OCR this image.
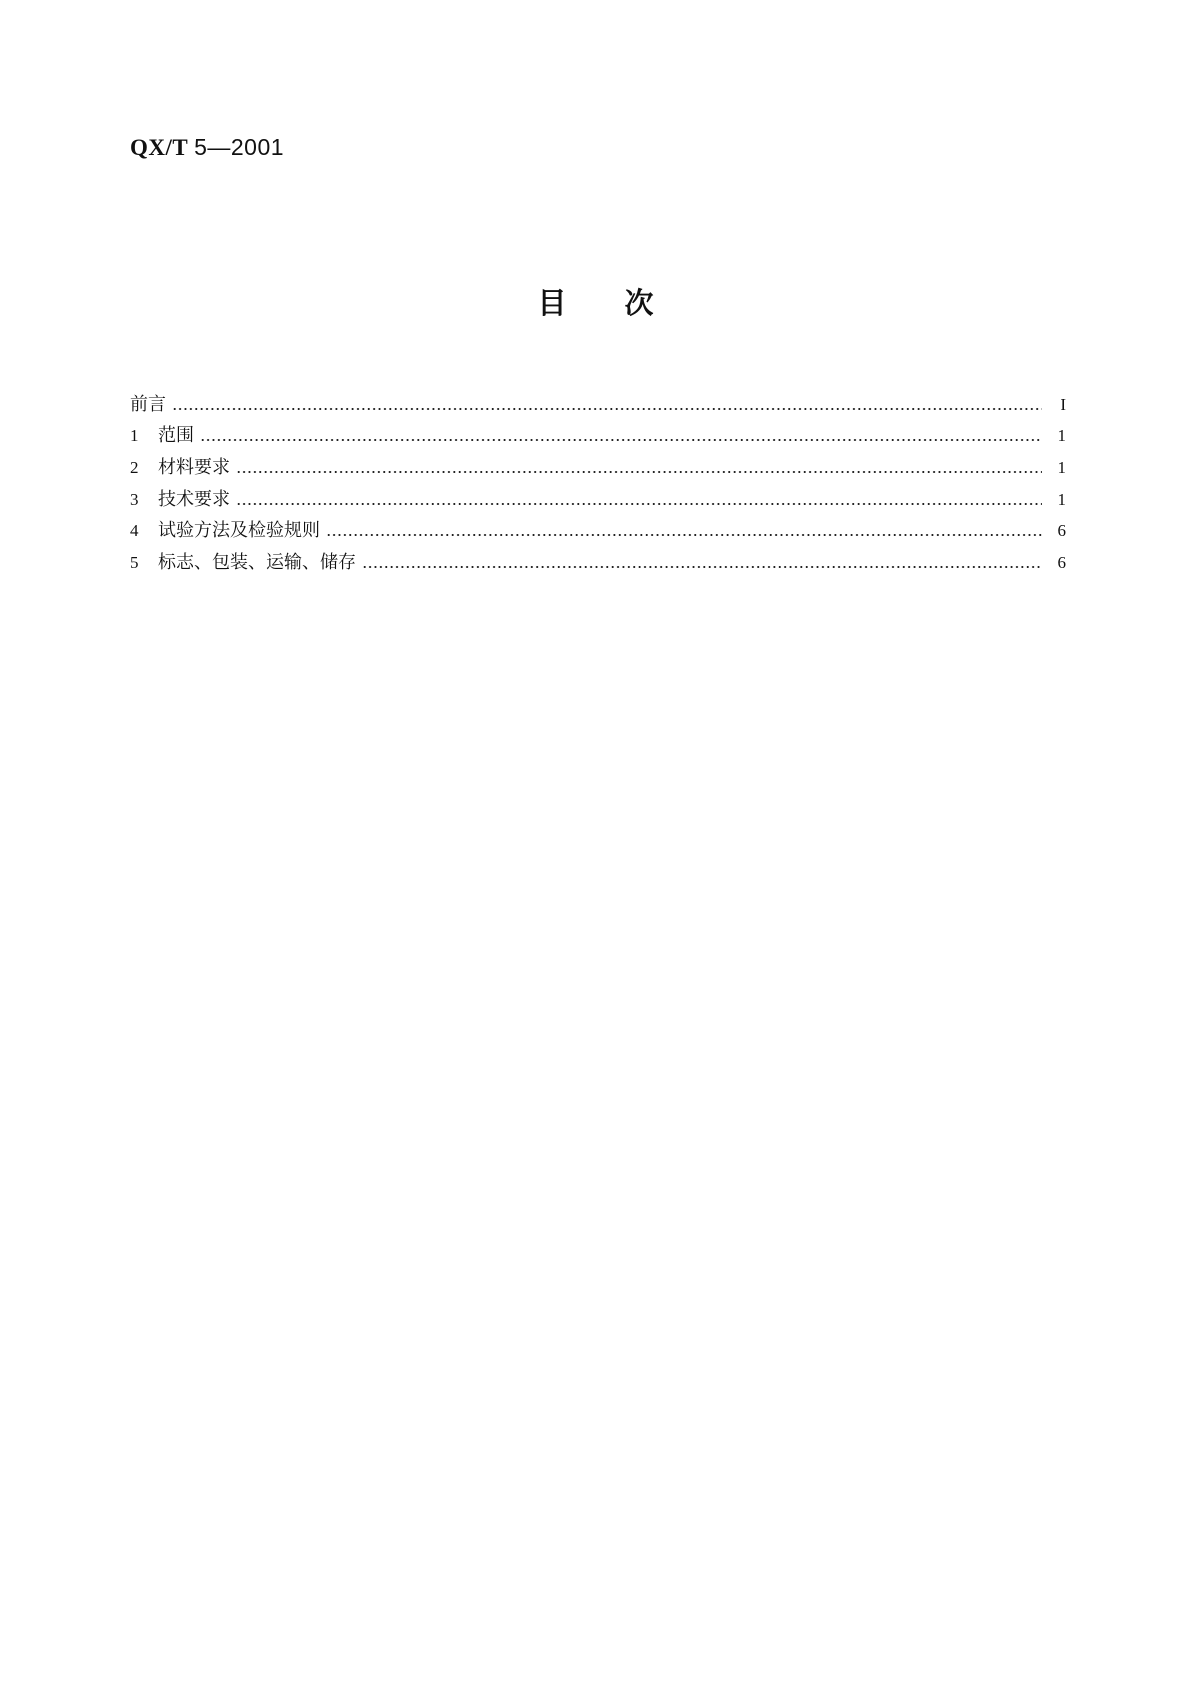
QX/T 5—2001
目次
前言	I
1	范围	1
2	材料要求	1
3	技术要求	1
4	试验方法及检验规则	6
5	标志、包装、运输、储存	6
